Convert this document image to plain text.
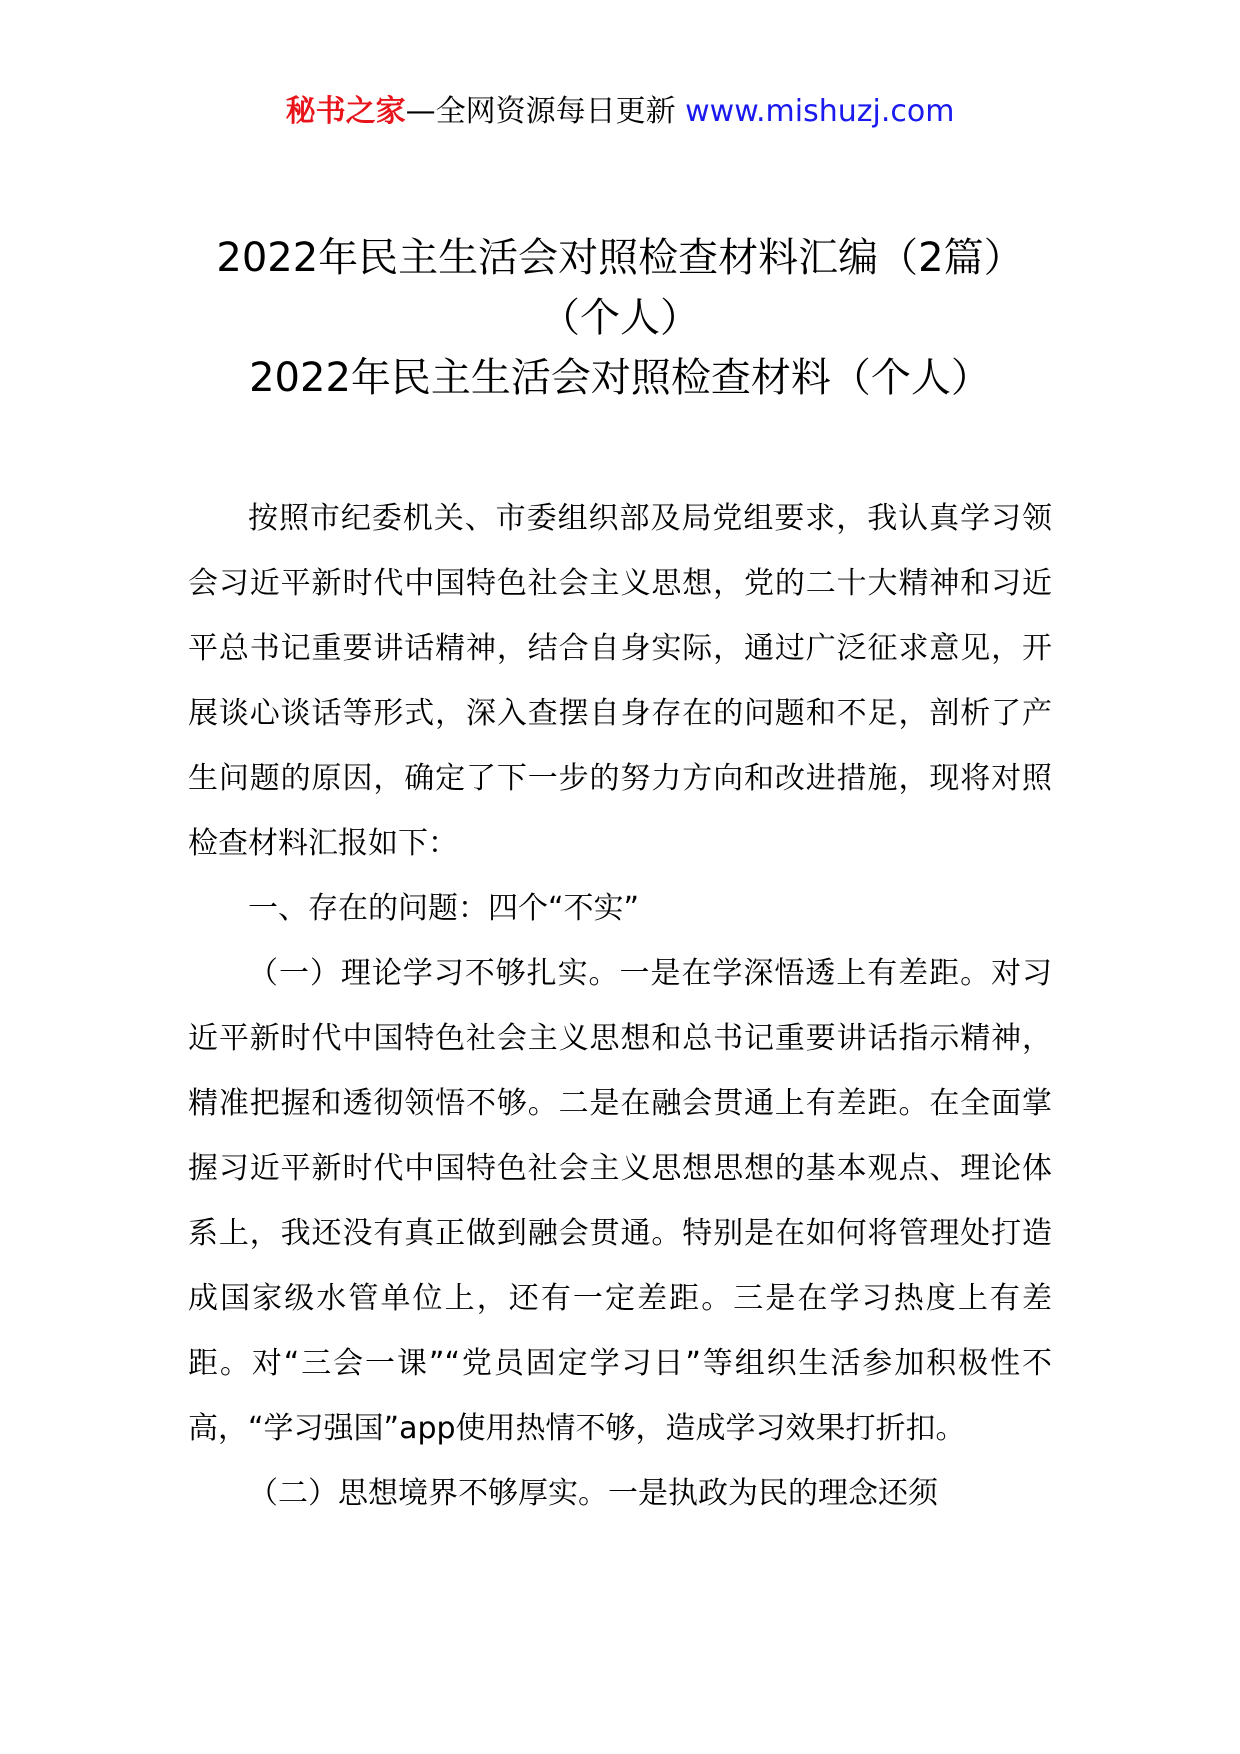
秘书之家—全网资源每日更新 www.mishuzj.com
2022年民主生活会对照检查材料汇编（2篇）（个人）
2022年民主生活会对照检查材料（个人）

按照市纪委机关、市委组织部及局党组要求，我认真学习领会习近平新时代中国特色社会主义思想，党的二十大精神和习近平总书记重要讲话精神，结合自身实际，通过广泛征求意见，开展谈心谈话等形式，深入查摆自身存在的问题和不足，剖析了产生问题的原因，确定了下一步的努力方向和改进措施，现将对照检查材料汇报如下：

一、存在的问题：四个“不实”

（一）理论学习不够扎实。一是在学深悟透上有差距。对习近平新时代中国特色社会主义思想和总书记重要讲话指示精神，精准把握和透彻领悟不够。二是在融会贯通上有差距。在全面掌握习近平新时代中国特色社会主义思想思想的基本观点、理论体系上，我还没有真正做到融会贯通。特别是在如何将管理处打造成国家级水管单位上，还有一定差距。三是在学习热度上有差距。对“三会一课”“党员固定学习日”等组织生活参加积极性不高，“学习强国”app使用热情不够，造成学习效果打折扣。

（二）思想境界不够厚实。一是执政为民的理念还须
